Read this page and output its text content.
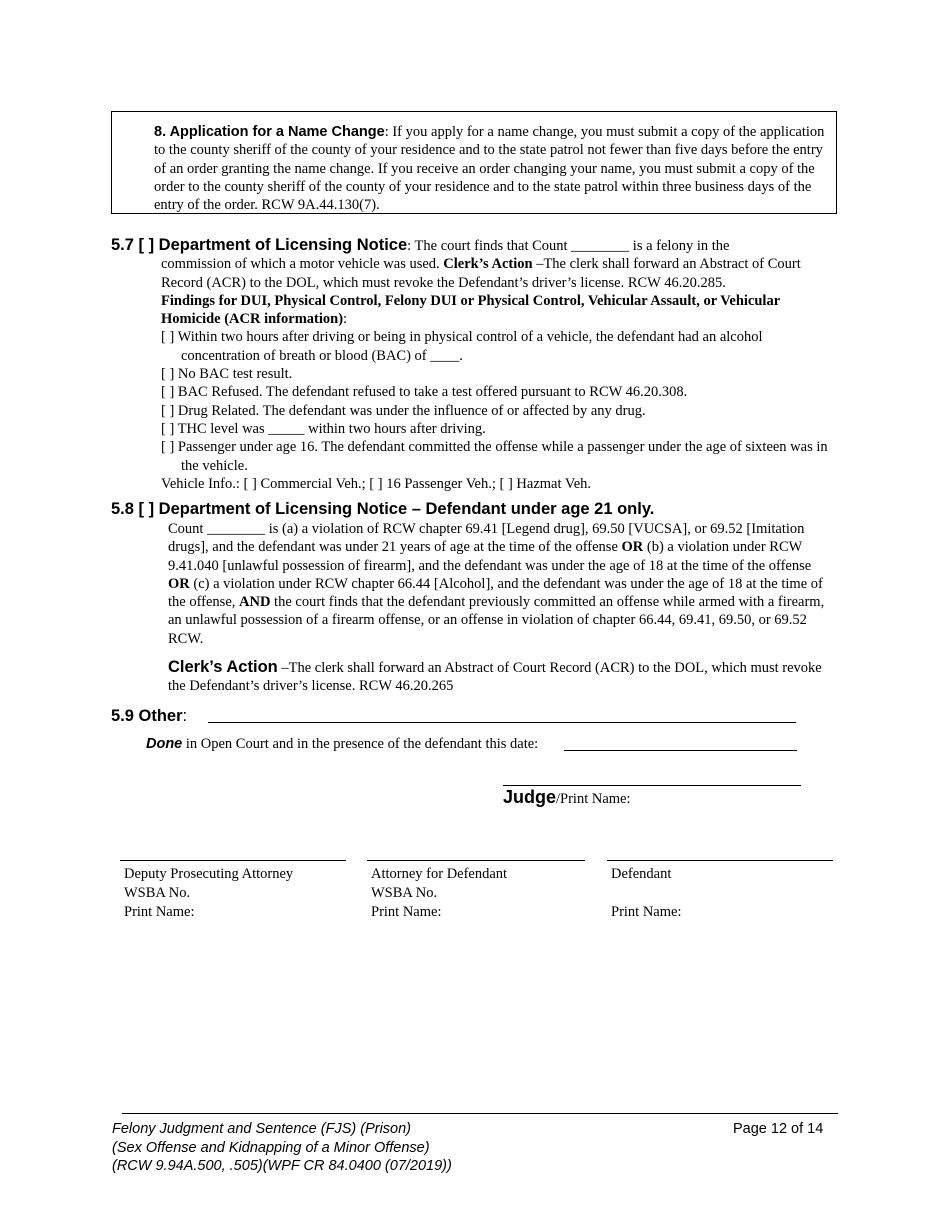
8. Application for a Name Change: If you apply for a name change, you must submit a copy of the application to the county sheriff of the county of your residence and to the state patrol not fewer than five days before the entry of an order granting the name change. If you receive an order changing your name, you must submit a copy of the order to the county sheriff of the county of your residence and to the state patrol within three business days of the entry of the order. RCW 9A.44.130(7).
5.7 [ ] Department of Licensing Notice: The court finds that Count ________ is a felony in the
commission of which a motor vehicle was used. Clerk’s Action –The clerk shall forward an Abstract of Court Record (ACR) to the DOL, which must revoke the Defendant’s driver’s license. RCW 46.20.285.
Findings for DUI, Physical Control, Felony DUI or Physical Control, Vehicular Assault, or Vehicular Homicide (ACR information):
[ ] Within two hours after driving or being in physical control of a vehicle, the defendant had an alcohol concentration of breath or blood (BAC) of ____.
[ ] No BAC test result.
[ ] BAC Refused. The defendant refused to take a test offered pursuant to RCW 46.20.308.
[ ] Drug Related. The defendant was under the influence of or affected by any drug.
[ ] THC level was _____ within two hours after driving.
[ ] Passenger under age 16. The defendant committed the offense while a passenger under the age of sixteen was in the vehicle.
Vehicle Info.: [ ] Commercial Veh.; [ ] 16 Passenger Veh.; [ ] Hazmat Veh.
5.8 [ ] Department of Licensing Notice – Defendant under age 21 only.
Count ________ is (a) a violation of RCW chapter 69.41 [Legend drug], 69.50 [VUCSA], or 69.52 [Imitation drugs], and the defendant was under 21 years of age at the time of the offense OR (b) a violation under RCW 9.41.040 [unlawful possession of firearm], and the defendant was under the age of 18 at the time of the offense OR (c) a violation under RCW chapter 66.44 [Alcohol], and the defendant was under the age of 18 at the time of the offense, AND the court finds that the defendant previously committed an offense while armed with a firearm, an unlawful possession of a firearm offense, or an offense in violation of chapter 66.44, 69.41, 69.50, or 69.52 RCW.
Clerk’s Action –The clerk shall forward an Abstract of Court Record (ACR) to the DOL, which must revoke the Defendant’s driver’s license. RCW 46.20.265
5.9 Other:
Done in Open Court and in the presence of the defendant this date:
Judge/Print Name:
Deputy Prosecuting Attorney
WSBA No.
Print Name:
Attorney for Defendant
WSBA No.
Print Name:
Defendant
Print Name:
Felony Judgment and Sentence (FJS) (Prison)
(Sex Offense and Kidnapping of a Minor Offense)
(RCW 9.94A.500, .505)(WPF CR 84.0400 (07/2019))
Page 12 of 14
